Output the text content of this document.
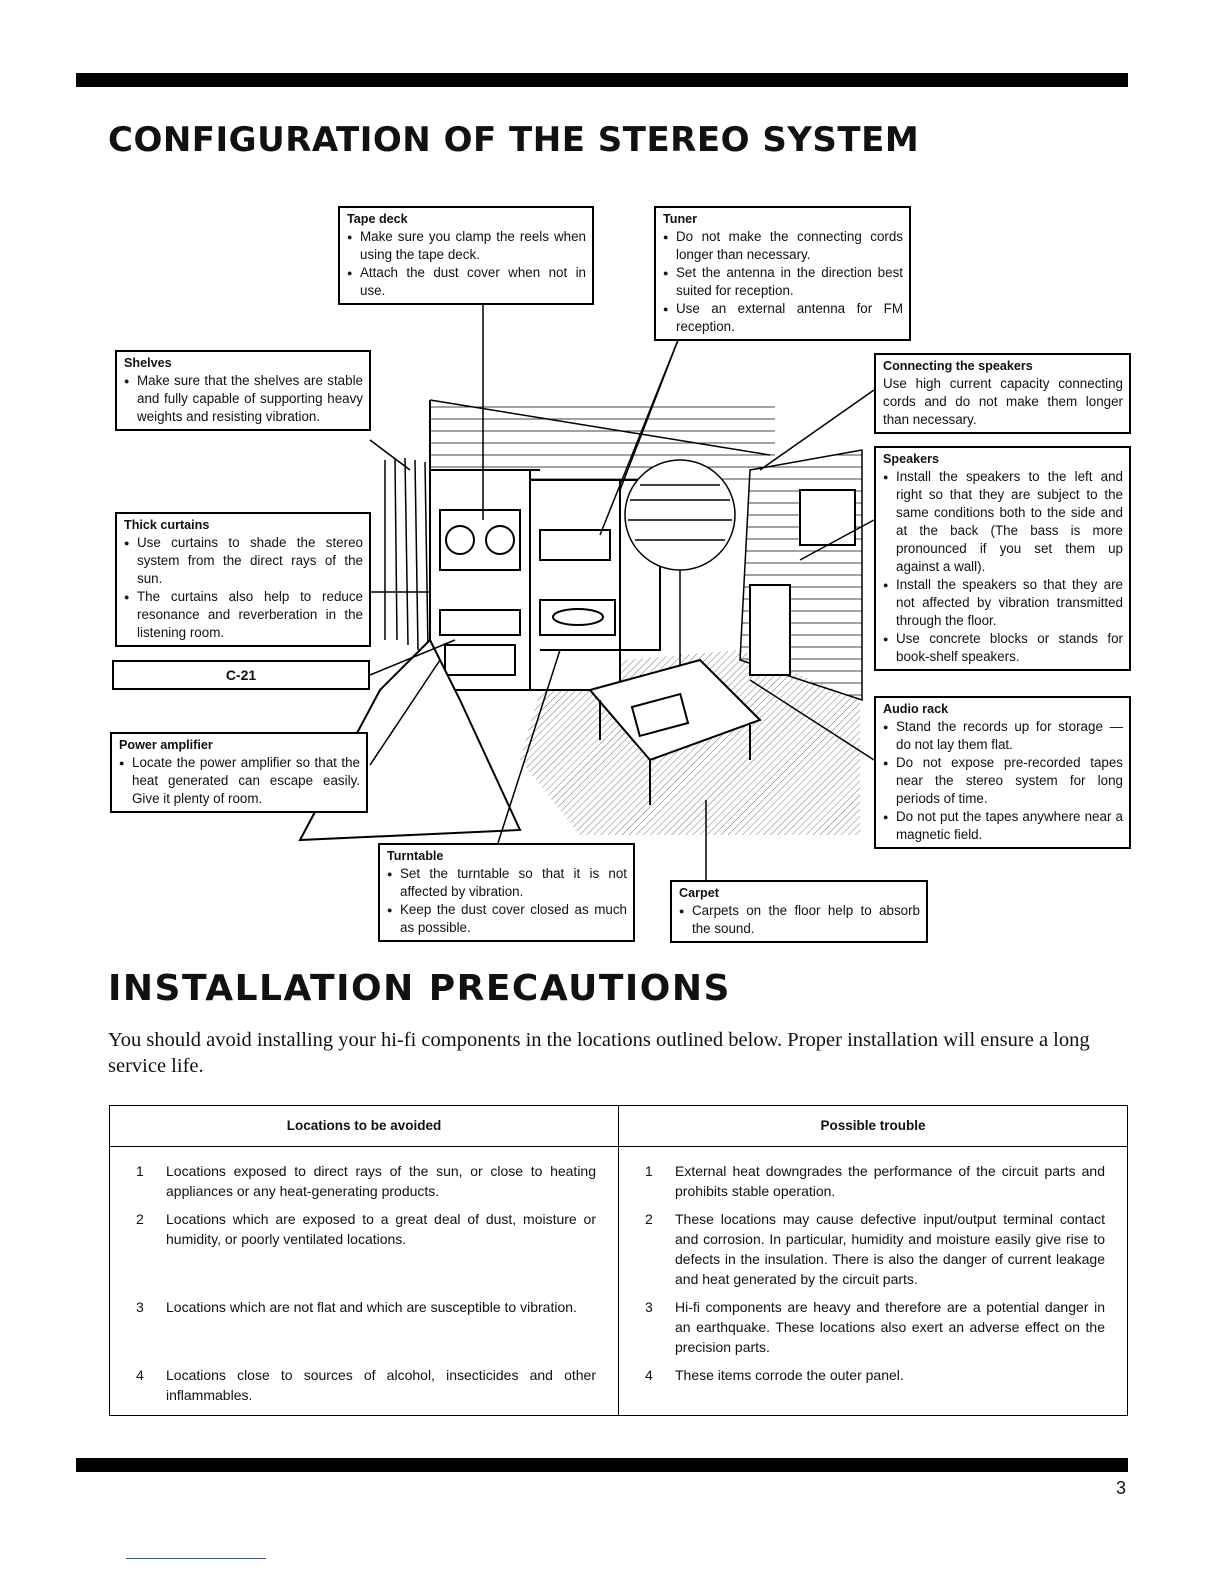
CONFIGURATION OF THE STEREO SYSTEM
Tape deck
● Make sure you clamp the reels when using the tape deck.
● Attach the dust cover when not in use.
Tuner
● Do not make the connecting cords longer than necessary.
● Set the antenna in the direction best suited for reception.
● Use an external antenna for FM reception.
Shelves
● Make sure that the shelves are stable and fully capable of supporting heavy weights and resisting vibration.
Connecting the speakers

Use high current capacity connecting cords and do not make them longer than necessary.

Speakers
● Install the speakers to the left and right so that they are subject to the same conditions both to the side and at the back (The bass is more pronounced if you set them up against a wall).
● Install the speakers so that they are not affected by vibration transmitted through the floor.
● Use concrete blocks or stands for book-shelf speakers.
Thick curtains
● Use curtains to shade the stereo system from the direct rays of the sun.
● The curtains also help to reduce resonance and reverberation in the listening room.
C-21
Power amplifier
● Locate the power amplifier so that the heat generated can escape easily. Give it plenty of room.
Audio rack
● Stand the records up for storage — do not lay them flat.
● Do not expose pre-recorded tapes near the stereo system for long periods of time.
● Do not put the tapes anywhere near a magnetic field.
Turntable
● Set the turntable so that it is not affected by vibration.
● Keep the dust cover closed as much as possible.
Carpet
● Carpets on the floor help to absorb the sound.
INSTALLATION PRECAUTIONS

You should avoid installing your hi-fi components in the locations outlined below. Proper installation will ensure a long service life.

Locations to be avoided	Possible trouble

1 Locations exposed to direct rays of the sun, or close to heating appliances or any heat-generating products.	1 External heat downgrades the performance of the circuit parts and prohibits stable operation.

2 Locations which are exposed to a great deal of dust, moisture or humidity, or poorly ventilated locations.	2 These locations may cause defective input/output terminal contact and corrosion. In particular, humidity and moisture easily give rise to defects in the insulation. There is also the danger of current leakage and heat generated by the circuit parts.

3 Locations which are not flat and which are susceptible to vibration.	3 Hi-fi components are heavy and therefore are a potential danger in an earthquake. These locations also exert an adverse effect on the precision parts.

4 Locations close to sources of alcohol, insecticides and other inflammables.	4 These items corrode the outer panel.
3
